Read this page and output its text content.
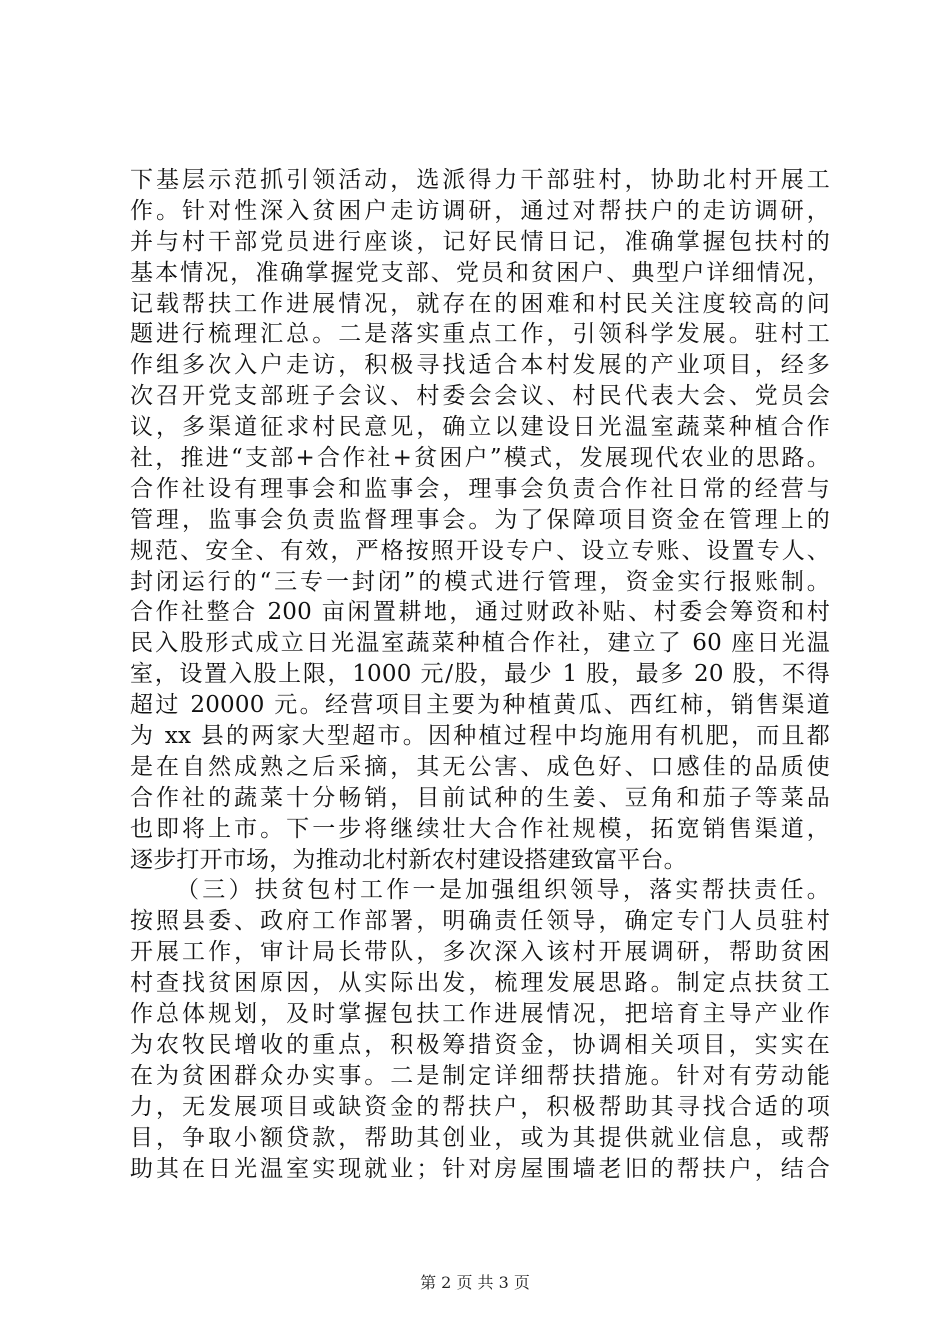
下基层示范抓引领活动，选派得力干部驻村，协助北村开展工
作。针对性深入贫困户走访调研，通过对帮扶户的走访调研，
并与村干部党员进行座谈，记好民情日记，准确掌握包扶村的
基本情况，准确掌握党支部、党员和贫困户、典型户详细情况，
记载帮扶工作进展情况，就存在的困难和村民关注度较高的问
题进行梳理汇总。二是落实重点工作，引领科学发展。驻村工
作组多次入户走访，积极寻找适合本村发展的产业项目，经多
次召开党支部班子会议、村委会会议、村民代表大会、党员会
议，多渠道征求村民意见，确立以建设日光温室蔬菜种植合作
社，推进“支部+合作社+贫困户”模式，发展现代农业的思路。
合作社设有理事会和监事会，理事会负责合作社日常的经营与
管理，监事会负责监督理事会。为了保障项目资金在管理上的
规范、安全、有效，严格按照开设专户、设立专账、设置专人、
封闭运行的“三专一封闭”的模式进行管理，资金实行报账制。
合作社整合 200 亩闲置耕地，通过财政补贴、村委会筹资和村
民入股形式成立日光温室蔬菜种植合作社，建立了 60 座日光温
室，设置入股上限，1000 元/股，最少 1 股，最多 20 股，不得
超过 20000 元。经营项目主要为种植黄瓜、西红柿，销售渠道
为 xx 县的两家大型超市。因种植过程中均施用有机肥，而且都
是在自然成熟之后采摘，其无公害、成色好、口感佳的品质使
合作社的蔬菜十分畅销，目前试种的生姜、豆角和茄子等菜品
也即将上市。下一步将继续壮大合作社规模，拓宽销售渠道，
逐步打开市场，为推动北村新农村建设搭建致富平台。
（三）扶贫包村工作一是加强组织领导，落实帮扶责任。
按照县委、政府工作部署，明确责任领导，确定专门人员驻村
开展工作，审计局长带队，多次深入该村开展调研，帮助贫困
村查找贫困原因，从实际出发，梳理发展思路。制定点扶贫工
作总体规划，及时掌握包扶工作进展情况，把培育主导产业作
为农牧民增收的重点，积极筹措资金，协调相关项目，实实在
在为贫困群众办实事。二是制定详细帮扶措施。针对有劳动能
力，无发展项目或缺资金的帮扶户，积极帮助其寻找合适的项
目，争取小额贷款，帮助其创业，或为其提供就业信息，或帮
助其在日光温室实现就业；针对房屋围墙老旧的帮扶户，结合
第 2 页 共 3 页
